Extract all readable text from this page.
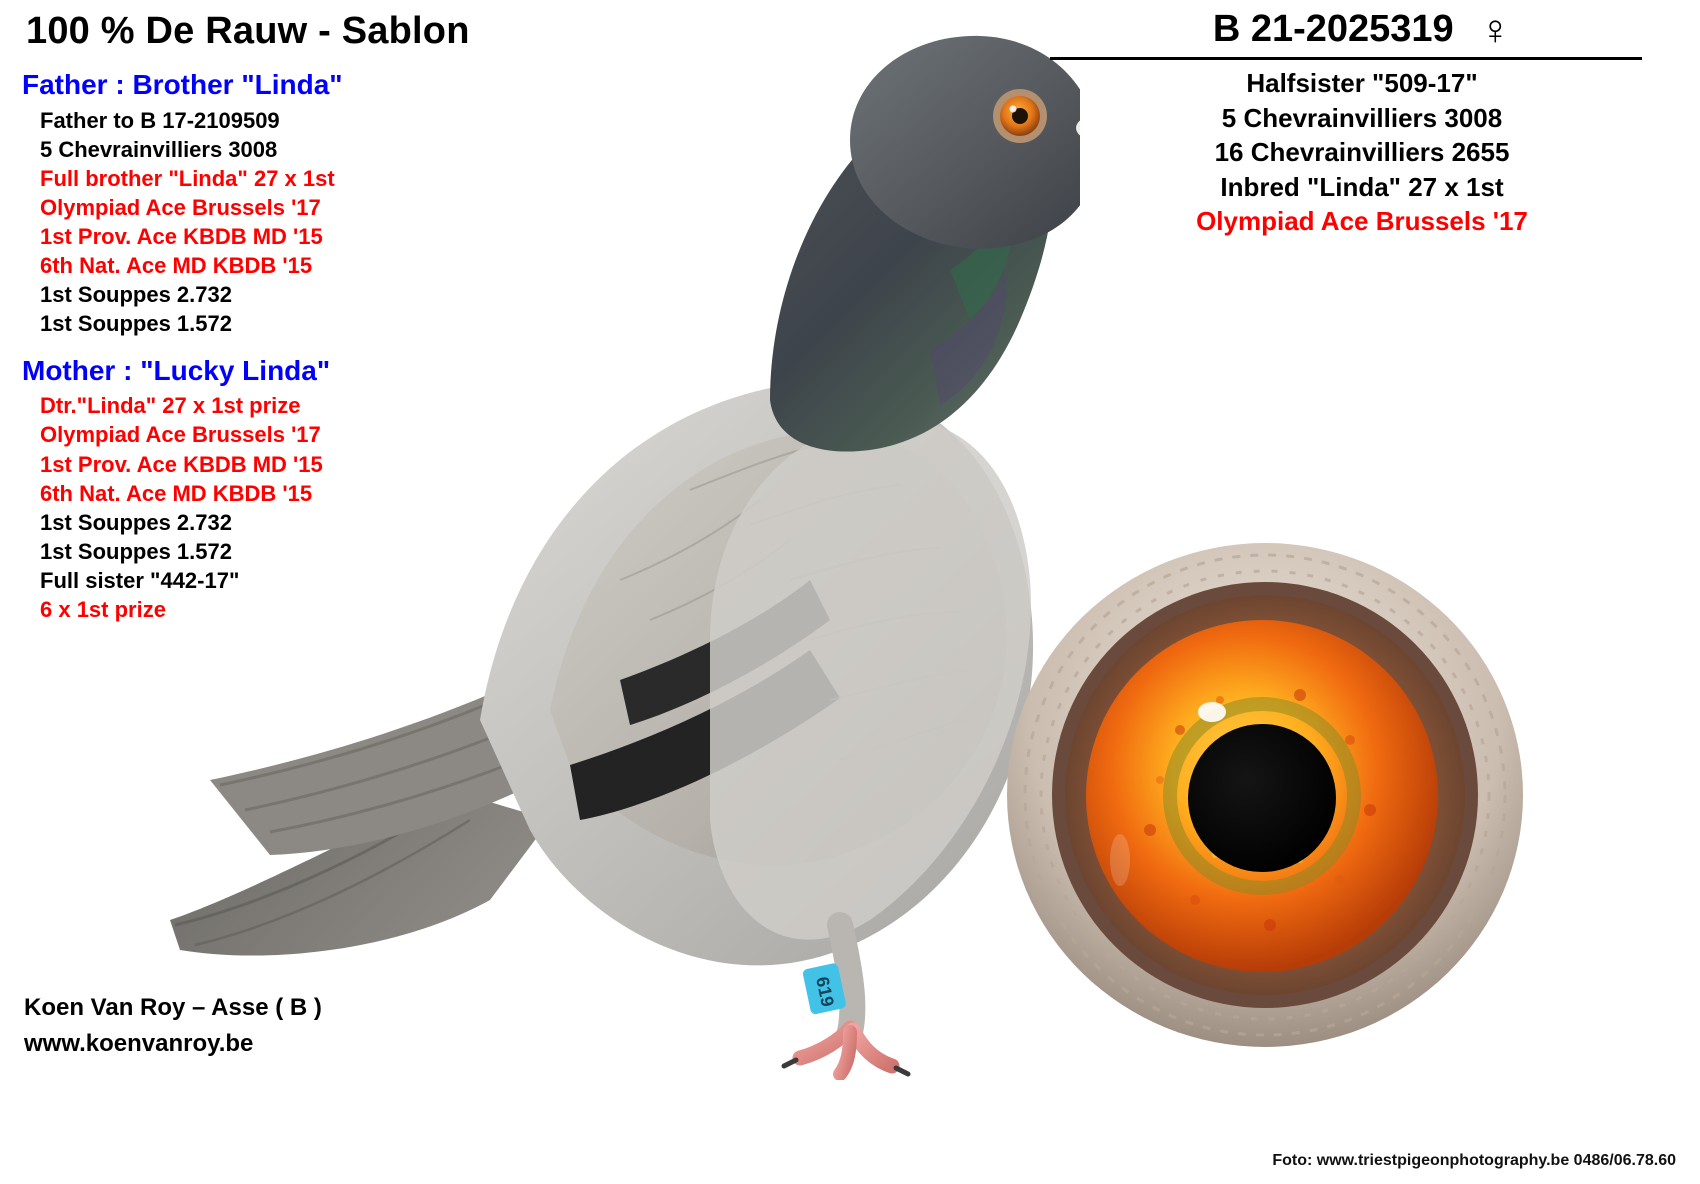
100 % De Rauw - Sablon
619
Father : Brother "Linda"
Father to B 17-2109509
5 Chevrainvilliers 3008
Full brother "Linda" 27 x 1st
Olympiad Ace Brussels '17
1st Prov. Ace KBDB MD '15
6th Nat. Ace MD KBDB '15
1st Souppes 2.732
1st Souppes 1.572
Mother : "Lucky Linda"
Dtr."Linda" 27 x 1st prize
Olympiad Ace Brussels '17
1st Prov. Ace KBDB MD '15
6th Nat. Ace MD KBDB '15
1st Souppes 2.732
1st Souppes 1.572
Full sister "442-17"
6 x 1st prize
B 21-2025319 ♀
Halfsister "509-17"
5 Chevrainvilliers 3008
16 Chevrainvilliers 2655
Inbred "Linda" 27 x 1st
Olympiad Ace Brussels '17
Koen Van Roy – Asse ( B )
www.koenvanroy.be
Foto: www.triestpigeonphotography.be 0486/06.78.60
